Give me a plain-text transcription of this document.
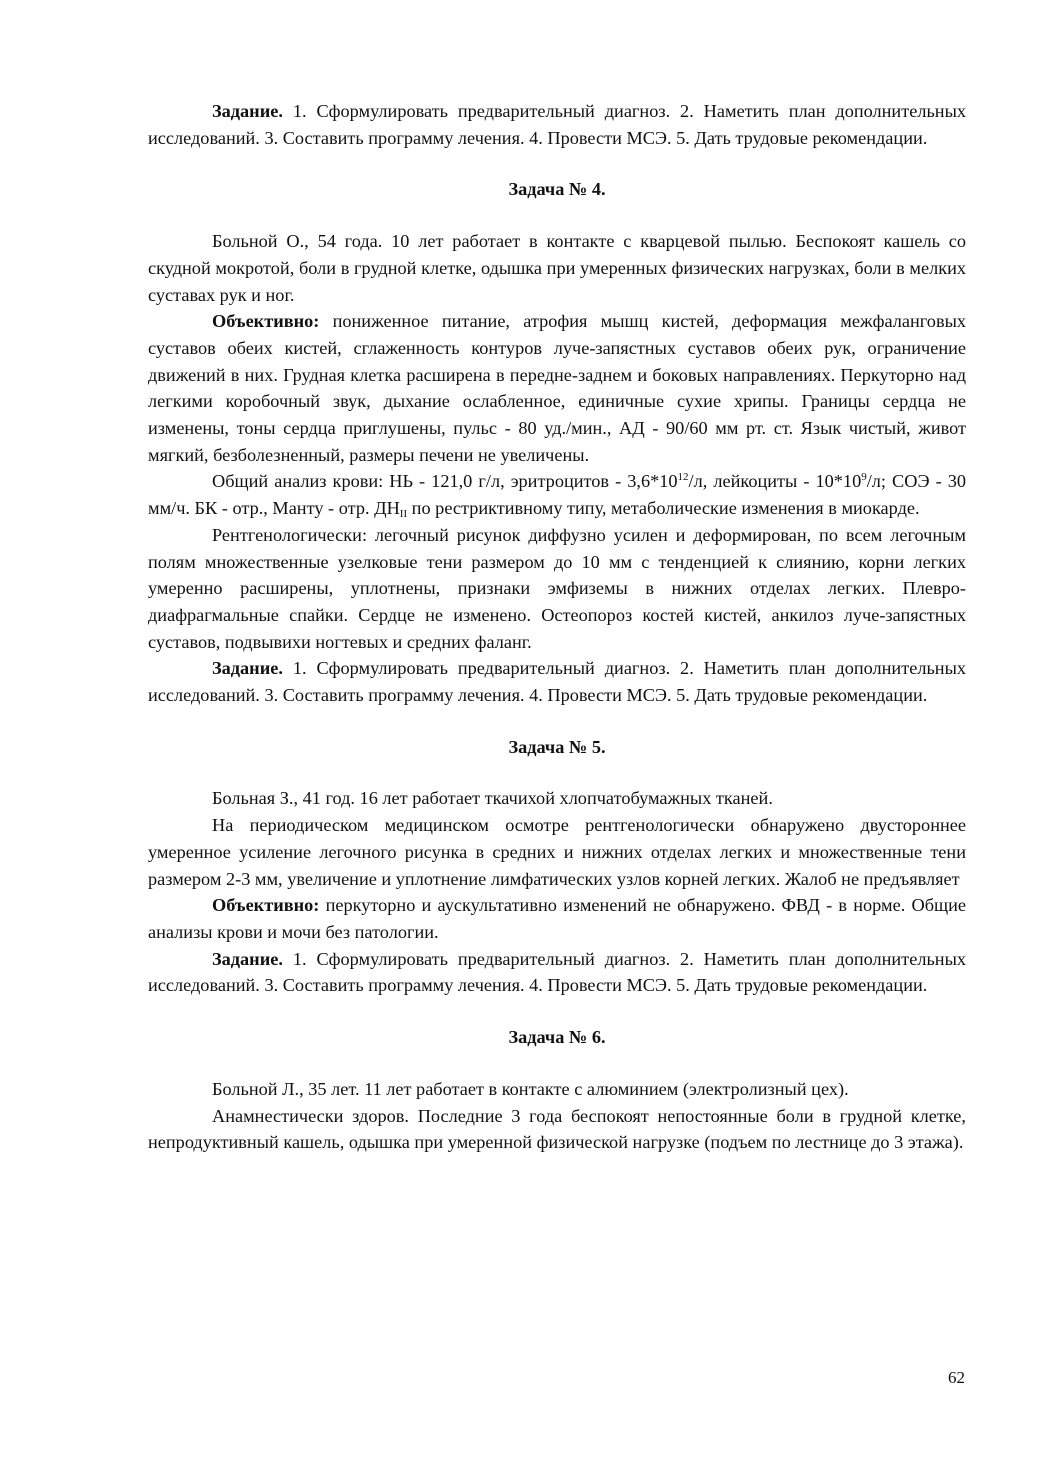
Задание. 1. Сформулировать предварительный диагноз. 2. Наметить план дополнительных исследований. 3. Составить программу лечения. 4. Провести МСЭ. 5. Дать трудовые рекомендации.

Задача № 4.

Больной О., 54 года. 10 лет работает в контакте с кварцевой пылью. Беспокоят кашель со скудной мокротой, боли в грудной клетке, одышка при умеренных физических нагрузках, боли в мелких суставах рук и ног.

Объективно: пониженное питание, атрофия мышц кистей, деформация межфаланговых суставов обеих кистей, сглаженность контуров луче-запястных суставов обеих рук, ограничение движений в них. Грудная клетка расширена в передне-заднем и боковых направлениях. Перкуторно над легкими коробочный звук, дыхание ослабленное, единичные сухие хрипы. Границы сердца не изменены, тоны сердца приглушены, пульс - 80 уд./мин., АД - 90/60 мм рт. ст. Язык чистый, живот мягкий, безболезненный, размеры печени не увеличены.

Общий анализ крови: НЬ - 121,0 г/л, эритроцитов - $3,6*10^{12}/л$, лейкоциты - $10*10^9/л$; СОЭ - 30 мм/ч. БК - отр., Манту - отр. $ДН_{II}$ по рестриктивному типу, метаболические изменения в миокарде.

Рентгенологически: легочный рисунок диффузно усилен и деформирован, по всем легочным полям множественные узелковые тени размером до 10 мм с тенденцией к слиянию, корни легких умеренно расширены, уплотнены, признаки эмфиземы в нижних отделах легких. Плевро-диафрагмальные спайки. Сердце не изменено. Остеопороз костей кистей, анкилоз луче-запястных суставов, подвывихи ногтевых и средних фаланг.

Задание. 1. Сформулировать предварительный диагноз. 2. Наметить план дополнительных исследований. 3. Составить программу лечения. 4. Провести МСЭ. 5. Дать трудовые рекомендации.

Задача № 5.

Больная З., 41 год. 16 лет работает ткачихой хлопчатобумажных тканей.

На периодическом медицинском осмотре рентгенологически обнаружено двустороннее умеренное усиление легочного рисунка в средних и нижних отделах легких и множественные тени размером 2-3 мм, увеличение и уплотнение лимфатических узлов корней легких. Жалоб не предъявляет

Объективно: перкуторно и аускультативно изменений не обнаружено. ФВД - в норме. Общие анализы крови и мочи без патологии.

Задание. 1. Сформулировать предварительный диагноз. 2. Наметить план дополнительных исследований. 3. Составить программу лечения. 4. Провести МСЭ. 5. Дать трудовые рекомендации.

Задача № 6.

Больной Л., 35 лет. 11 лет работает в контакте с алюминием (электролизный цех).

Анамнестически здоров. Последние 3 года беспокоят непостоянные боли в грудной клетке, непродуктивный кашель, одышка при умеренной физической нагрузке (подъем по лестнице до 3 этажа).

62
